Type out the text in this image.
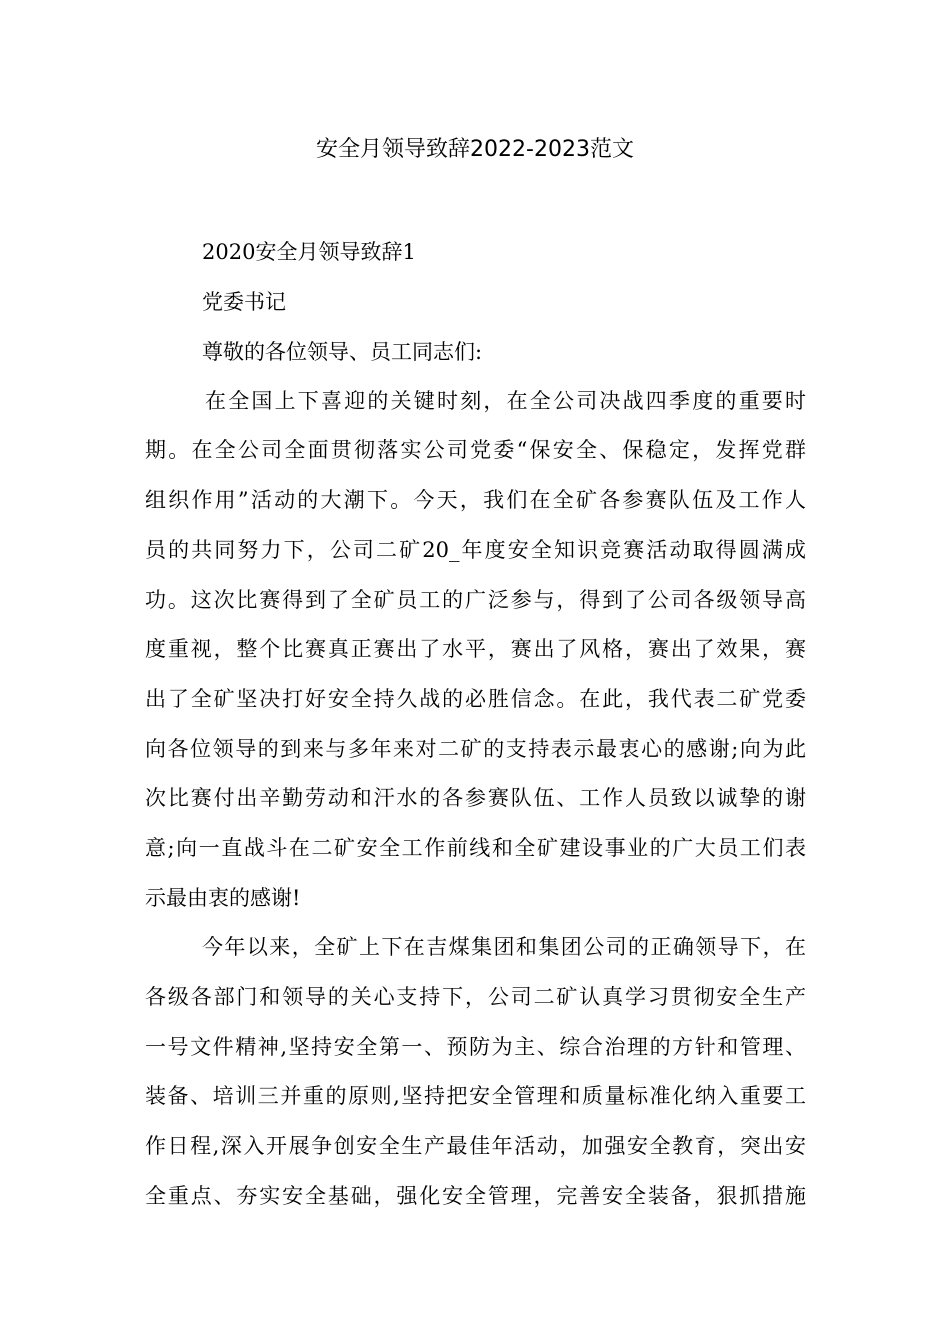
安全月领导致辞2022-2023范文
2020安全月领导致辞1
党委书记
尊敬的各位领导、员工同志们:
在全国上下喜迎的关键时刻，在全公司决战四季度的重要时
期。在全公司全面贯彻落实公司党委“保安全、保稳定，发挥党群
组织作用”活动的大潮下。今天，我们在全矿各参赛队伍及工作人
员的共同努力下，公司二矿20_年度安全知识竞赛活动取得圆满成
功。这次比赛得到了全矿员工的广泛参与，得到了公司各级领导高
度重视，整个比赛真正赛出了水平，赛出了风格，赛出了效果，赛
出了全矿坚决打好安全持久战的必胜信念。在此，我代表二矿党委
向各位领导的到来与多年来对二矿的支持表示最衷心的感谢;向为此
次比赛付出辛勤劳动和汗水的各参赛队伍、工作人员致以诚挚的谢
意;向一直战斗在二矿安全工作前线和全矿建设事业的广大员工们表
示最由衷的感谢!
今年以来，全矿上下在吉煤集团和集团公司的正确领导下，在
各级各部门和领导的关心支持下，公司二矿认真学习贯彻安全生产
一号文件精神,坚持安全第一、预防为主、综合治理的方针和管理、
装备、培训三并重的原则,坚持把安全管理和质量标准化纳入重要工
作日程,深入开展争创安全生产最佳年活动，加强安全教育，突出安
全重点、夯实安全基础，强化安全管理，完善安全装备，狠抓措施
